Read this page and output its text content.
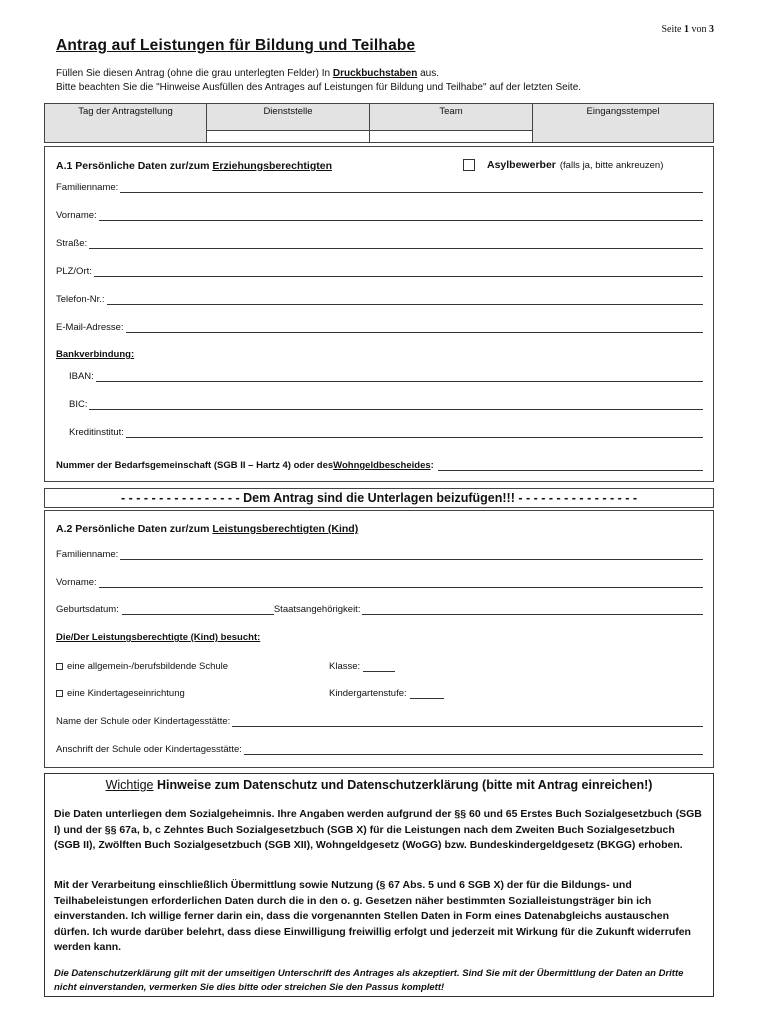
Seite 1 von 3
Antrag auf Leistungen für Bildung und Teilhabe
Füllen Sie diesen Antrag (ohne die grau unterlegten Felder) In Druckbuchstaben aus.
Bitte beachten Sie die "Hinweise Ausfüllen des Antrages auf Leistungen für Bildung und Teilhabe" auf der letzten Seite.
Tag der Antragstellung	Dienststelle	Team	Eingangsstempel
A.1 Persönliche Daten zur/zum Erziehungsberechtigten	Asylbewerber (falls ja, bitte ankreuzen)
Familienname:
Vorname:
Straße:
PLZ/Ort:
Telefon-Nr.:
E-Mail-Adresse:
Bankverbindung:
IBAN:
BIC:
Kreditinstitut:
Nummer der Bedarfsgemeinschaft (SGB II – Hartz 4) oder des Wohngeldbescheides :
- - - - - - - - - - - - - - - - Dem Antrag sind die Unterlagen beizufügen!!! - - - - - - - - - - - - - - - -
A.2 Persönliche Daten zur/zum Leistungsberechtigten (Kind)
Familienname:
Vorname:
Geburtsdatum:	Staatsangehörigkeit:
Die/Der Leistungsberechtigte (Kind) besucht:
eine allgemein-/berufsbildende Schule	Klasse:
eine Kindertageseinrichtung	Kindergartenstufe:
Name der Schule oder Kindertagesstätte:
Anschrift der Schule oder Kindertagesstätte:
Wichtige Hinweise zum Datenschutz und Datenschutzerklärung (bitte mit Antrag einreichen!)
Die Daten unterliegen dem Sozialgeheimnis. Ihre Angaben werden aufgrund der §§ 60 und 65 Erstes Buch Sozialgesetzbuch (SGB I) und der §§ 67a, b, c Zehntes Buch Sozialgesetzbuch (SGB X) für die Leistungen nach dem Zweiten Buch Sozialgesetzbuch (SGB II), Zwölften Buch Sozialgesetzbuch (SGB XII), Wohngeldgesetz (WoGG) bzw. Bundeskindergeldgesetz (BKGG) erhoben.
Mit der Verarbeitung einschließlich Übermittlung sowie Nutzung (§ 67 Abs. 5 und 6 SGB X) der für die Bildungs- und Teilhabeleistungen erforderlichen Daten durch die in den o. g. Gesetzen näher bestimmten Sozialleistungsträger bin ich einverstanden. Ich willige ferner darin ein, dass die vorgenannten Stellen Daten in Form eines Datenabgleichs austauschen dürfen. Ich wurde darüber belehrt, dass diese Einwilligung freiwillig erfolgt und jederzeit mit Wirkung für die Zukunft widerrufen werden kann.
Die Datenschutzerklärung gilt mit der umseitigen Unterschrift des Antrages als akzeptiert. Sind Sie mit der Übermittlung der Daten an Dritte nicht einverstanden, vermerken Sie dies bitte oder streichen Sie den Passus komplett!
